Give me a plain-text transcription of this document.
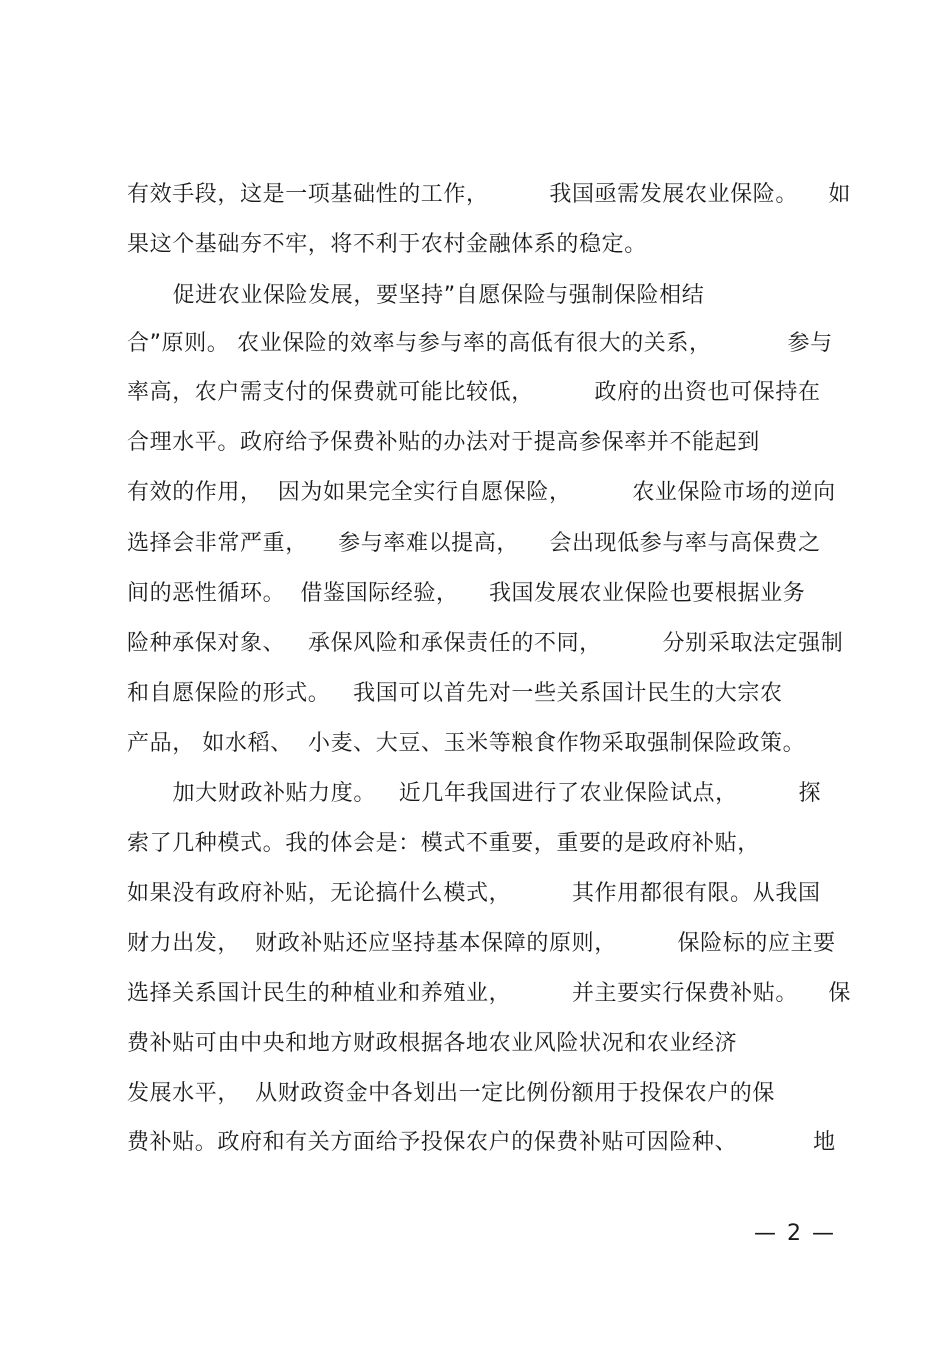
有效手段，这是一项基础性的工作，        我国亟需发展农业保险。    如
果这个基础夯不牢，将不利于农村金融体系的稳定。
促进农业保险发展，要坚持”自愿保险与强制保险相结
合”原则。 农业保险的效率与参与率的高低有很大的关系，          参与
率高，农户需支付的保费就可能比较低，        政府的出资也可保持在
合理水平。政府给予保费补贴的办法对于提高参保率并不能起到
有效的作用，  因为如果完全实行自愿保险，        农业保险市场的逆向
选择会非常严重，    参与率难以提高，    会出现低参与率与高保费之
间的恶性循环。  借鉴国际经验，    我国发展农业保险也要根据业务
险种承保对象、   承保风险和承保责任的不同，        分别采取法定强制
和自愿保险的形式。   我国可以首先对一些关系国计民生的大宗农
产品， 如水稻、  小麦、大豆、玉米等粮食作物采取强制保险政策。
加大财政补贴力度。   近几年我国进行了农业保险试点，        探
索了几种模式。我的体会是：模式不重要，重要的是政府补贴，
如果没有政府补贴，无论搞什么模式，        其作用都很有限。从我国
财力出发，  财政补贴还应坚持基本保障的原则，        保险标的应主要
选择关系国计民生的种植业和养殖业，        并主要实行保费补贴。    保
费补贴可由中央和地方财政根据各地农业风险状况和农业经济
发展水平，  从财政资金中各划出一定比例份额用于投保农户的保
费补贴。政府和有关方面给予投保农户的保费补贴可因险种、          地
— 2 —
